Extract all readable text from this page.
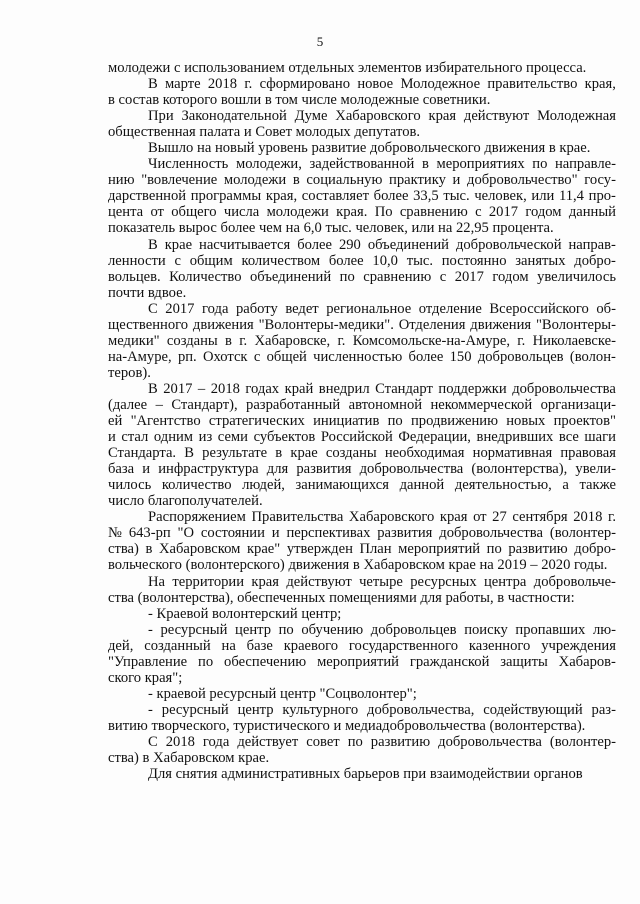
5
молодежи с использованием отдельных элементов избирательного процесса.
В марте 2018 г. сформировано новое Молодежное правительство края,
в состав которого вошли в том числе молодежные советники.
При Законодательной Думе Хабаровского края действуют Молодежная
общественная палата и Совет молодых депутатов.
Вышло на новый уровень развитие добровольческого движения в крае.
Численность молодежи, задействованной в мероприятиях по направле-
нию "вовлечение молодежи в социальную практику и добровольчество" госу-
дарственной программы края, составляет более 33,5 тыс. человек, или 11,4 про-
цента от общего числа молодежи края. По сравнению с 2017 годом данный
показатель вырос более чем на 6,0 тыс. человек, или на 22,95 процента.
В крае насчитывается более 290 объединений добровольческой направ-
ленности с общим количеством более 10,0 тыс. постоянно занятых добро-
вольцев. Количество объединений по сравнению с 2017 годом увеличилось
почти вдвое.
С 2017 года работу ведет региональное отделение Всероссийского об-
щественного движения "Волонтеры-медики". Отделения движения "Волонтеры-
медики" созданы в г. Хабаровске, г. Комсомольске-на-Амуре, г. Николаевске-
на-Амуре, рп. Охотск с общей численностью более 150 добровольцев (волон-
теров).
В 2017 – 2018 годах край внедрил Стандарт поддержки добровольчества
(далее – Стандарт), разработанный автономной некоммерческой организаци-
ей "Агентство стратегических инициатив по продвижению новых проектов"
и стал одним из семи субъектов Российской Федерации, внедривших все шаги
Стандарта. В результате в крае созданы необходимая нормативная правовая
база и инфраструктура для развития добровольчества (волонтерства), увели-
чилось количество людей, занимающихся данной деятельностью, а также
число благополучателей.
Распоряжением Правительства Хабаровского края от 27 сентября 2018 г.
№ 643-рп "О состоянии и перспективах развития добровольчества (волонтер-
ства) в Хабаровском крае" утвержден План мероприятий по развитию добро-
вольческого (волонтерского) движения в Хабаровском крае на 2019 – 2020 годы.
На территории края действуют четыре ресурсных центра добровольче-
ства (волонтерства), обеспеченных помещениями для работы, в частности:
- Краевой волонтерский центр;
- ресурсный центр по обучению добровольцев поиску пропавших лю-
дей, созданный на базе краевого государственного казенного учреждения
"Управление по обеспечению мероприятий гражданской защиты Хабаров-
ского края";
- краевой ресурсный центр "Соцволонтер";
- ресурсный центр культурного добровольчества, содействующий раз-
витию творческого, туристического и медиадобровольчества (волонтерства).
С 2018 года действует совет по развитию добровольчества (волонтер-
ства) в Хабаровском крае.
Для снятия административных барьеров при взаимодействии органов
